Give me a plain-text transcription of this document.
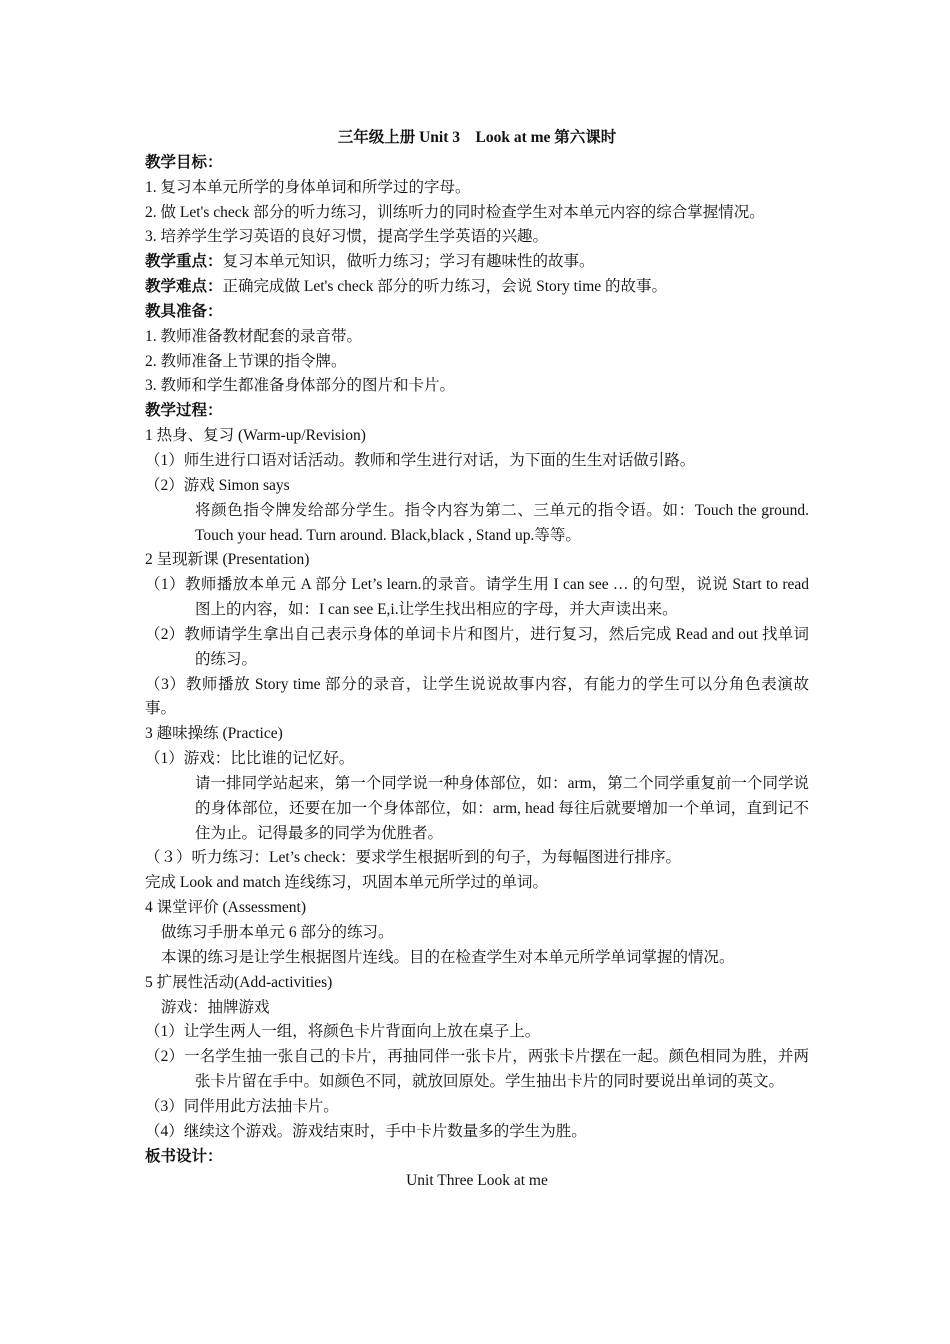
三年级上册 Unit 3　Look at me 第六课时
教学目标：
1. 复习本单元所学的身体单词和所学过的字母。
2. 做 Let's check 部分的听力练习，训练听力的同时检查学生对本单元内容的综合掌握情况。
3. 培养学生学习英语的良好习惯，提高学生学英语的兴趣。
教学重点：复习本单元知识，做听力练习；学习有趣味性的故事。
教学难点：正确完成做 Let's check 部分的听力练习，会说 Story time 的故事。
教具准备：
1. 教师准备教材配套的录音带。
2. 教师准备上节课的指令牌。
3. 教师和学生都准备身体部分的图片和卡片。
教学过程：
1 热身、复习 (Warm-up/Revision)
（1）师生进行口语对话活动。教师和学生进行对话，为下面的生生对话做引路。
（2）游戏 Simon says
将颜色指令牌发给部分学生。指令内容为第二、三单元的指令语。如：Touch the ground. Touch your head. Turn around. Black,black , Stand up.等等。
2 呈现新课 (Presentation)
（1）教师播放本单元 A 部分 Let’s learn.的录音。请学生用 I can see … 的句型，说说 Start to read 图上的内容，如：I can see E,i.让学生找出相应的字母，并大声读出来。
（2）教师请学生拿出自己表示身体的单词卡片和图片，进行复习，然后完成 Read and out 找单词的练习。
（3）教师播放 Story time 部分的录音，让学生说说故事内容，有能力的学生可以分角色表演故事。
3 趣味操练 (Practice)
（1）游戏：比比谁的记忆好。
请一排同学站起来，第一个同学说一种身体部位，如：arm，第二个同学重复前一个同学说的身体部位，还要在加一个身体部位，如：arm, head 每往后就要增加一个单词，直到记不住为止。记得最多的同学为优胜者。
（３）听力练习：Let’s check：要求学生根据听到的句子，为每幅图进行排序。
完成 Look and match 连线练习，巩固本单元所学过的单词。
4 课堂评价 (Assessment)
做练习手册本单元 6 部分的练习。
本课的练习是让学生根据图片连线。目的在检查学生对本单元所学单词掌握的情况。
5 扩展性活动(Add-activities)
游戏：抽牌游戏
（1）让学生两人一组，将颜色卡片背面向上放在桌子上。
（2）一名学生抽一张自己的卡片，再抽同伴一张卡片，两张卡片摆在一起。颜色相同为胜，并两张卡片留在手中。如颜色不同，就放回原处。学生抽出卡片的同时要说出单词的英文。
（3）同伴用此方法抽卡片。
（4）继续这个游戏。游戏结束时，手中卡片数量多的学生为胜。
板书设计：
Unit Three Look at me
